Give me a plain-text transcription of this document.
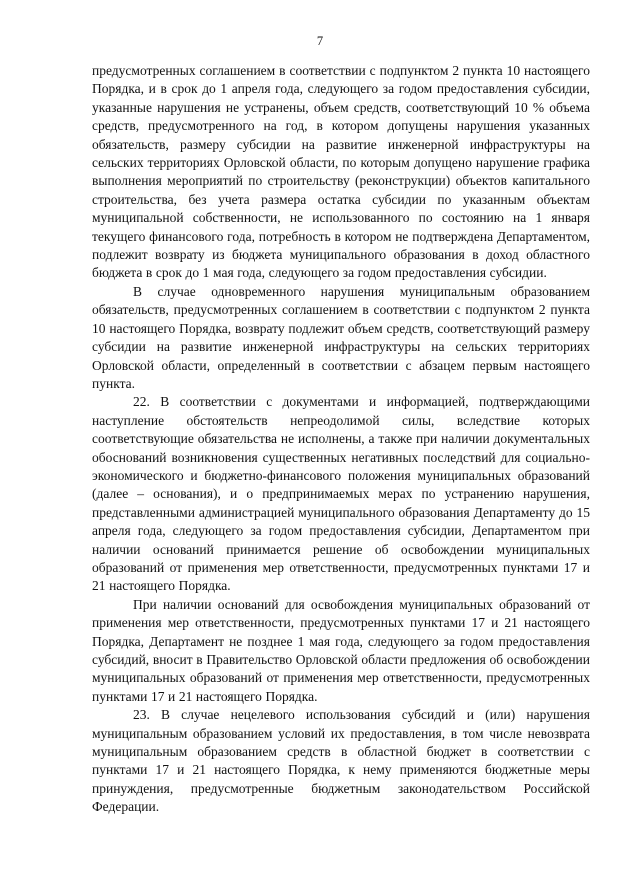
7

предусмотренных соглашением в соответствии с подпунктом 2 пункта 10 настоящего Порядка, и в срок до 1 апреля года, следующего за годом предоставления субсидии, указанные нарушения не устранены, объем средств, соответствующий 10 % объема средств, предусмотренного на год, в котором допущены нарушения указанных обязательств, размеру субсидии на развитие инженерной инфраструктуры на сельских территориях Орловской области, по которым допущено нарушение графика выполнения мероприятий по строительству (реконструкции) объектов капитального строительства, без учета размера остатка субсидии по указанным объектам муниципальной собственности, не использованного по состоянию на 1 января текущего финансового года, потребность в котором не подтверждена Департаментом, подлежит возврату из бюджета муниципального образования в доход областного бюджета в срок до 1 мая года, следующего за годом предоставления субсидии.

В случае одновременного нарушения муниципальным образованием обязательств, предусмотренных соглашением в соответствии с подпунктом 2 пункта 10 настоящего Порядка, возврату подлежит объем средств, соответствующий размеру субсидии на развитие инженерной инфраструктуры на сельских территориях Орловской области, определенный в соответствии с абзацем первым настоящего пункта.

22. В соответствии с документами и информацией, подтверждающими наступление обстоятельств непреодолимой силы, вследствие которых соответствующие обязательства не исполнены, а также при наличии документальных обоснований возникновения существенных негативных последствий для социально-экономического и бюджетно-финансового положения муниципальных образований (далее – основания), и о предпринимаемых мерах по устранению нарушения, представленными администрацией муниципального образования Департаменту до 15 апреля года, следующего за годом предоставления субсидии, Департаментом при наличии оснований принимается решение об освобождении муниципальных образований от применения мер ответственности, предусмотренных пунктами 17 и 21 настоящего Порядка.

При наличии оснований для освобождения муниципальных образований от применения мер ответственности, предусмотренных пунктами 17 и 21 настоящего Порядка, Департамент не позднее 1 мая года, следующего за годом предоставления субсидий, вносит в Правительство Орловской области предложения об освобождении муниципальных образований от применения мер ответственности, предусмотренных пунктами 17 и 21 настоящего Порядка.

23. В случае нецелевого использования субсидий и (или) нарушения муниципальным образованием условий их предоставления, в том числе невозврата муниципальным образованием средств в областной бюджет в соответствии с пунктами 17 и 21 настоящего Порядка, к нему применяются бюджетные меры принуждения, предусмотренные бюджетным законодательством Российской Федерации.
